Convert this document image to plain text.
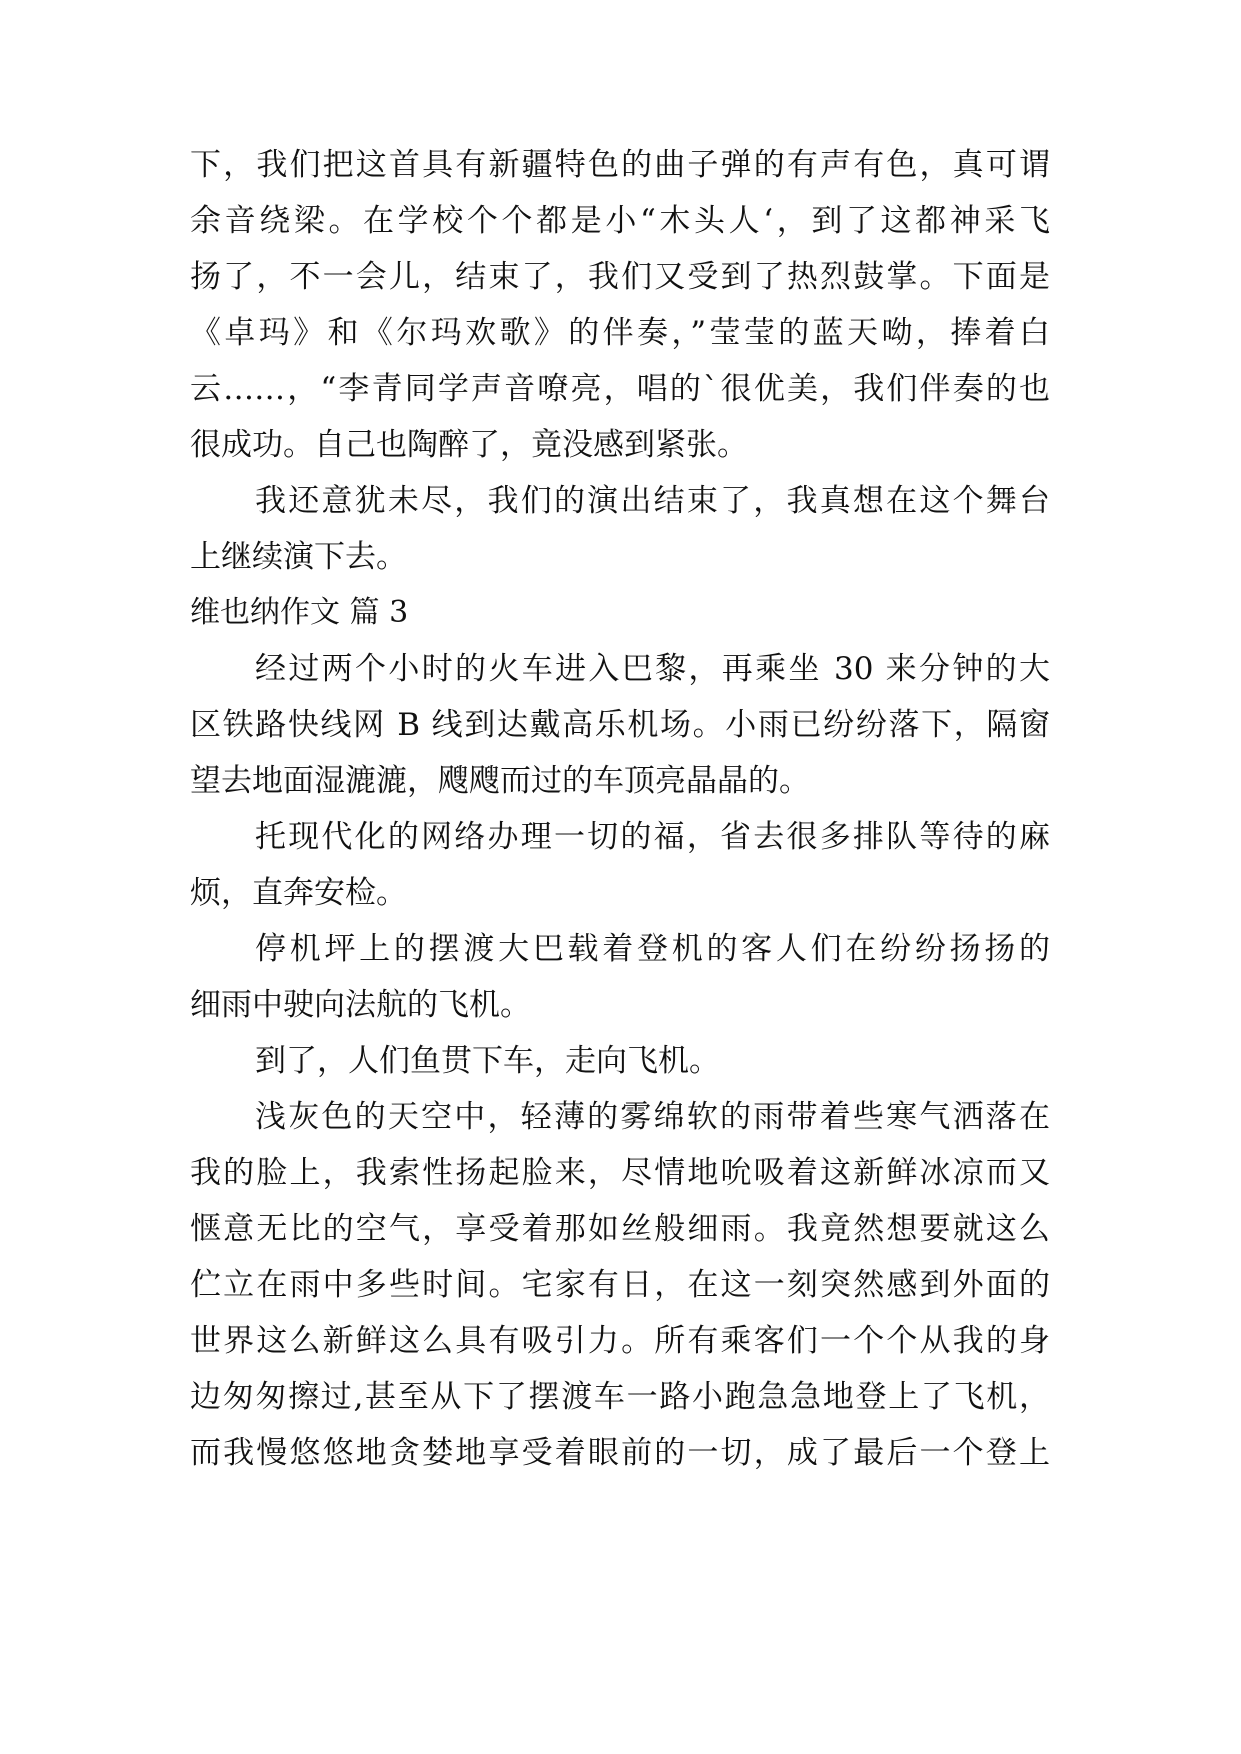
下，我们把这首具有新疆特色的曲子弹的有声有色，真可谓
余音绕梁。在学校个个都是小“木头人‘，到了这都神采飞
扬了，不一会儿，结束了，我们又受到了热烈鼓掌。下面是
《卓玛》和《尔玛欢歌》的伴奏，”莹莹的蓝天呦，捧着白
云……，“李青同学声音嘹亮，唱的`很优美，我们伴奏的也
很成功。自己也陶醉了，竟没感到紧张。
我还意犹未尽，我们的演出结束了，我真想在这个舞台
上继续演下去。
维也纳作文 篇 3
经过两个小时的火车进入巴黎，再乘坐 30 来分钟的大
区铁路快线网 B 线到达戴高乐机场。小雨已纷纷落下，隔窗
望去地面湿漉漉，飕飕而过的车顶亮晶晶的。
托现代化的网络办理一切的福，省去很多排队等待的麻
烦，直奔安检。
停机坪上的摆渡大巴载着登机的客人们在纷纷扬扬的
细雨中驶向法航的飞机。
到了，人们鱼贯下车，走向飞机。
浅灰色的天空中，轻薄的雾绵软的雨带着些寒气洒落在
我的脸上，我索性扬起脸来，尽情地吮吸着这新鲜冰凉而又
惬意无比的空气，享受着那如丝般细雨。我竟然想要就这么
伫立在雨中多些时间。宅家有日，在这一刻突然感到外面的
世界这么新鲜这么具有吸引力。所有乘客们一个个从我的身
边匆匆擦过,甚至从下了摆渡车一路小跑急急地登上了飞机，
而我慢悠悠地贪婪地享受着眼前的一切，成了最后一个登上
